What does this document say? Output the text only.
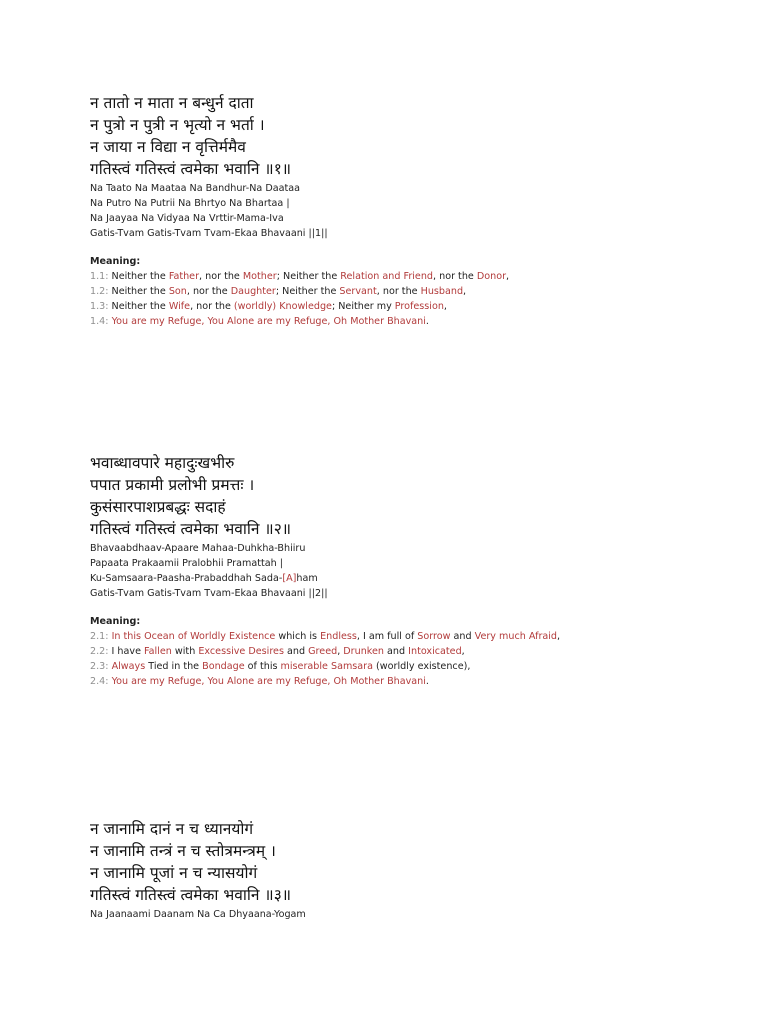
न तातो न माता न बन्धुर्न दाता
न पुत्रो न पुत्री न भृत्यो न भर्ता ।
न जाया न विद्या न वृत्तिर्ममैव
गतिस्त्वं गतिस्त्वं त्वमेका भवानि ॥१॥
Na Taato Na Maataa Na Bandhur-Na Daataa
Na Putro Na Putrii Na Bhrtyo Na Bhartaa |
Na Jaayaa Na Vidyaa Na Vrttir-Mama-Iva
Gatis-Tvam Gatis-Tvam Tvam-Ekaa Bhavaani ||1||
Meaning:
1.1: Neither the Father, nor the Mother; Neither the Relation and Friend, nor the Donor,
1.2: Neither the Son, nor the Daughter; Neither the Servant, nor the Husband,
1.3: Neither the Wife, nor the (worldly) Knowledge; Neither my Profession,
1.4: You are my Refuge, You Alone are my Refuge, Oh Mother Bhavani.
भवाब्धावपारे महादुःखभीरु
पपात प्रकामी प्रलोभी प्रमत्तः ।
कुसंसारपाशप्रबद्धः सदाहं
गतिस्त्वं गतिस्त्वं त्वमेका भवानि ॥२॥
Bhavaabdhaav-Apaare Mahaa-Duhkha-Bhiiru
Papaata Prakaamii Pralobhii Pramattah |
Ku-Samsaara-Paasha-Prabaddhah Sada-[A]ham
Gatis-Tvam Gatis-Tvam Tvam-Ekaa Bhavaani ||2||
Meaning:
2.1: In this Ocean of Worldly Existence which is Endless, I am full of Sorrow and Very much Afraid,
2.2: I have Fallen with Excessive Desires and Greed, Drunken and Intoxicated,
2.3: Always Tied in the Bondage of this miserable Samsara (worldly existence),
2.4: You are my Refuge, You Alone are my Refuge, Oh Mother Bhavani.
न जानामि दानं न च ध्यानयोगं
न जानामि तन्त्रं न च स्तोत्रमन्त्रम् ।
न जानामि पूजां न च न्यासयोगं
गतिस्त्वं गतिस्त्वं त्वमेका भवानि ॥३॥
Na Jaanaami Daanam Na Ca Dhyaana-Yogam
